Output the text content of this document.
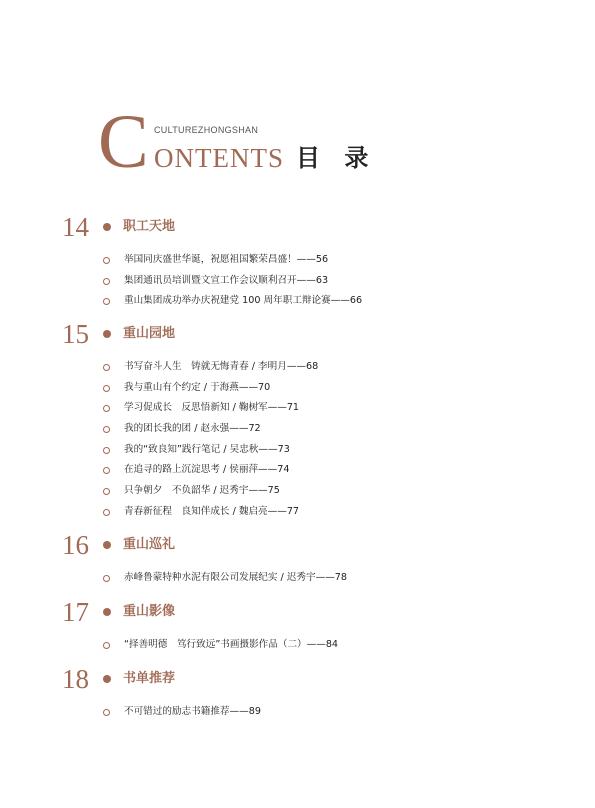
C CULTUREZHONGSHAN
ONTENTS 目 录
14	职工天地
举国同庆盛世华诞，祝愿祖国繁荣昌盛！——56
集团通讯员培训暨文宣工作会议顺利召开——63
重山集团成功举办庆祝建党 100 周年职工辩论赛——66
15	重山园地
书写奋斗人生　铸就无悔青春 / 李明月——68
我与重山有个约定 / 于海燕——70
学习促成长　反思悟新知 / 鞠树军——71
我的团长我的团 / 赵永强——72
我的“致良知”践行笔记 / 吴忠秋——73
在追寻的路上沉淀思考 / 侯丽萍——74
只争朝夕　不负韶华 / 迟秀宇——75
青春新征程　良知伴成长 / 魏启亮——77
16	重山巡礼
赤峰鲁蒙特种水泥有限公司发展纪实 / 迟秀宇——78
17	重山影像
“择善明德　笃行致远”书画摄影作品（二）——84
18	书单推荐
不可错过的励志书籍推荐——89
